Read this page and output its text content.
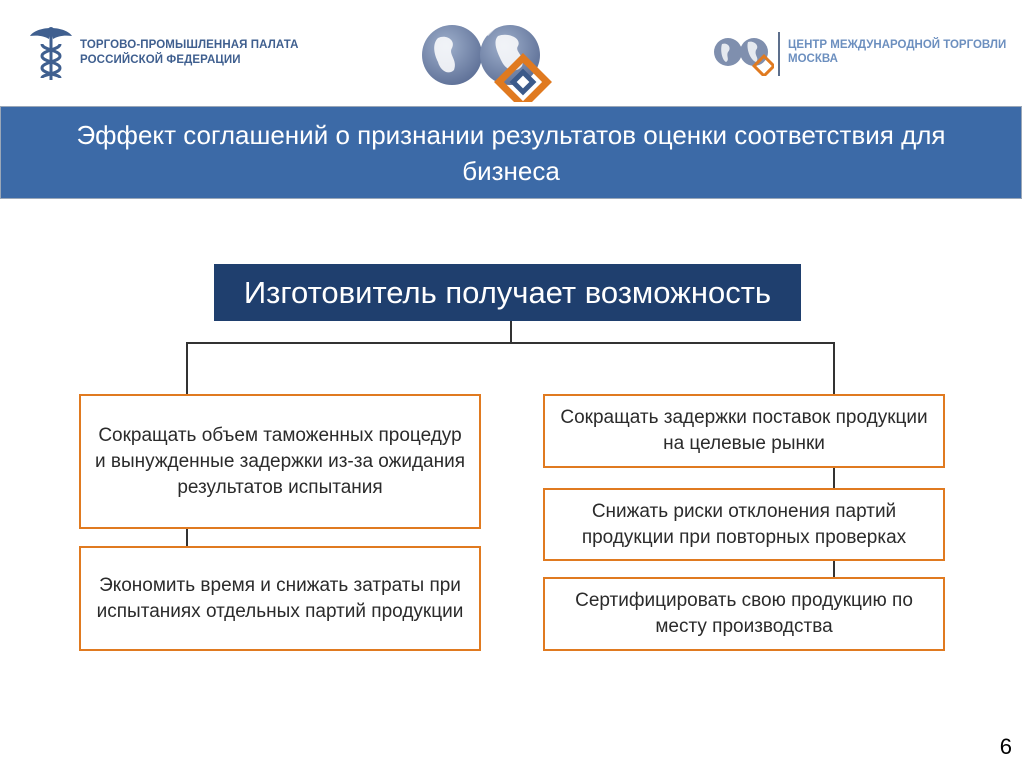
ТОРГОВО-ПРОМЫШЛЕННАЯ ПАЛАТА РОССИЙСКОЙ ФЕДЕРАЦИИ
ЦЕНТР МЕЖДУНАРОДНОЙ ТОРГОВЛИ МОСКВА
Эффект соглашений о признании результатов оценки соответствия для бизнеса
Изготовитель получает возможность
Сокращать объем таможенных процедур и вынужденные задержки из-за ожидания результатов испытания
Экономить время и снижать затраты при испытаниях отдельных партий продукции
Сокращать задержки поставок продукции на целевые рынки
Снижать риски отклонения партий продукции при повторных проверках
Сертифицировать свою продукцию по месту производства
6
